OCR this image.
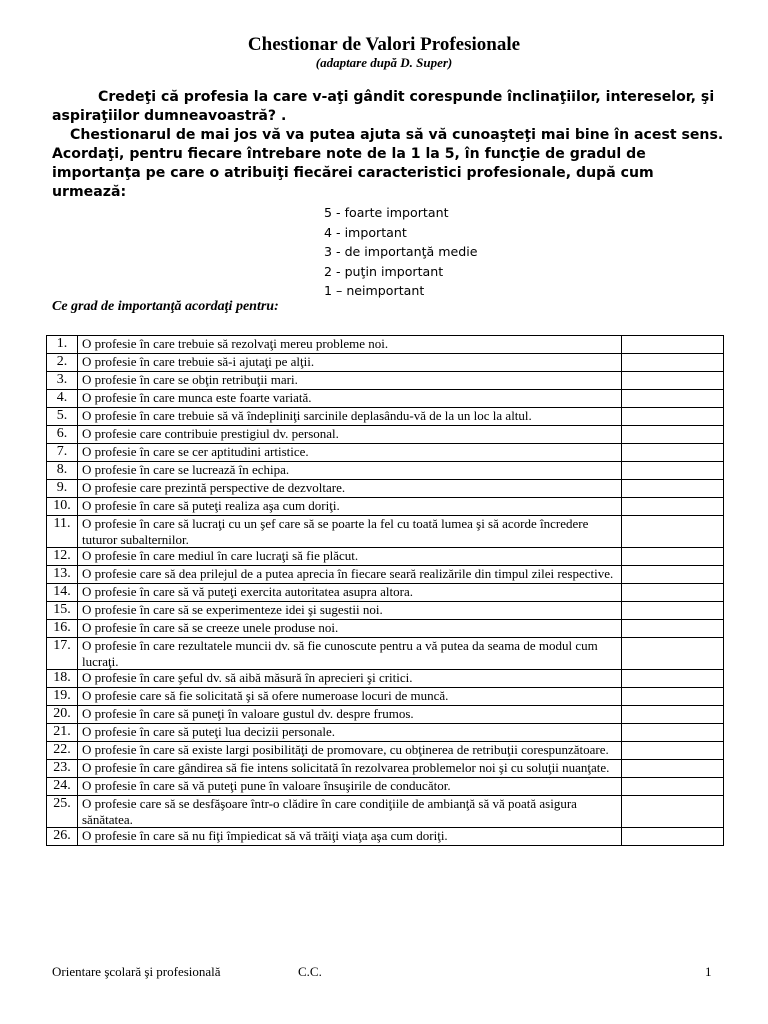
Chestionar de Valori Profesionale
(adaptare după D. Super)

Credeţi că profesia la care v-aţi gândit corespunde înclinaţiilor, intereselor, şi aspiraţiilor dumneavoastră? .

Chestionarul de mai jos vă va putea ajuta să vă cunoaşteţi mai bine în acest sens. Acordaţi, pentru fiecare întrebare note de la 1 la 5, în funcţie de gradul de importanţa pe care o atribuiţi fiecărei caracteristici profesionale, după cum urmează:

5 - foarte important
4 - important
3 - de importanţă medie
2 - puţin important
1 – neimportant
Ce grad de importanţă acordaţi pentru:
1.	O profesie în care trebuie să rezolvaţi mereu probleme noi.	
2.	O profesie în care trebuie să-i ajutaţi pe alţii.	
3.	O profesie în care se obţin retribuţii mari.	
4.	O profesie în care munca este foarte variată.	
5.	O profesie în care trebuie să vă îndepliniţi sarcinile deplasându-vă de la un loc la altul.	
6.	O profesie care contribuie prestigiul dv. personal.	
7.	O profesie în care se cer aptitudini artistice.	
8.	O profesie în care se lucrează în echipa.	
9.	O profesie care prezintă perspective de dezvoltare.	
10.	O profesie în care să puteţi realiza aşa cum doriţi.	
11.	O profesie în care să lucraţi cu un şef care să se poarte la fel cu toată lumea şi să acorde încredere tuturor subalternilor.	
12.	O profesie în care mediul în care lucraţi să fie plăcut.	
13.	O profesie care să dea prilejul de a putea aprecia în fiecare seară realizările din timpul zilei respective.	
14.	O profesie în care să vă puteţi exercita autoritatea asupra altora.	
15.	O profesie în care să se experimenteze idei şi sugestii noi.	
16.	O profesie în care să se creeze unele produse noi.	
17.	O profesie în care rezultatele muncii dv. să fie cunoscute pentru a vă putea da seama de modul cum lucraţi.	
18.	O profesie în care şeful dv. să aibă măsură în aprecieri şi critici.	
19.	O profesie care să fie solicitată şi să ofere numeroase locuri de muncă.	
20.	O profesie în care să puneţi în valoare gustul dv. despre frumos.	
21.	O profesie în care să puteţi lua decizii personale.	
22.	O profesie în care să existe largi posibilităţi de promovare, cu obţinerea de retribuţii corespunzătoare.	
23.	O profesie în care gândirea să fie intens solicitată în rezolvarea problemelor noi şi cu soluţii nuanţate.	
24.	O profesie în care să vă puteţi pune în valoare însuşirile de conducător.	
25.	O profesie care să se desfăşoare într-o clădire în care condiţiile de ambianţă să vă poată asigura sănătatea.	
26.	O profesie în care să nu fiţi împiedicat să vă trăiţi viaţa aşa cum doriţi.	
Orientare şcolară şi profesională	C.C.	1
